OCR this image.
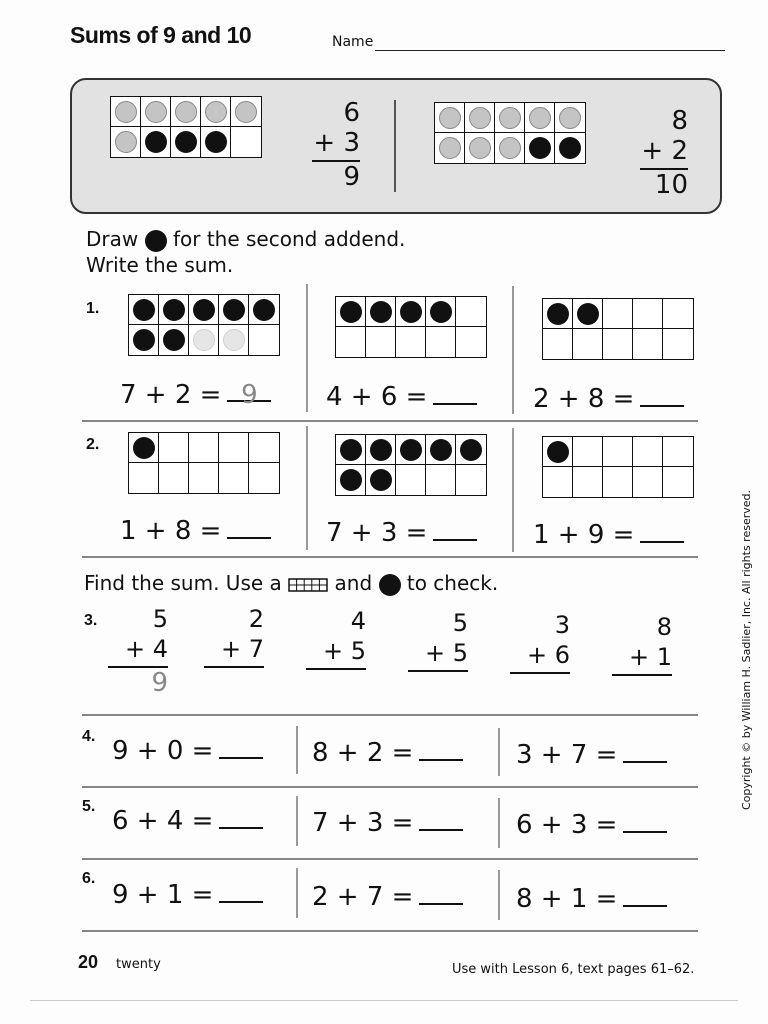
Sums of 9 and 10	Name
6
+ 3
9
8
+ 2
10
Draw for the second addend.
Write the sum.
1.
7 + 2 = 9	4 + 6 =	2 + 8 =
2.
1 + 8 =	7 + 3 =	1 + 9 =
Find the sum. Use a	and to check.
3.	5
+ 4
9
2
+ 7
4
+ 5
5
+ 5
3
+ 6
8
+ 1
4. 9 + 0 =	8 + 2 =	3 + 7 =
5. 6 + 4 =	7 + 3 =	6 + 3 =
6.
9 + 1 =	2 + 7 =	8 + 1 =
20 twenty	Use with Lesson 6, text pages 61–62.
Copyright © by William H. Sadlier, Inc. All rights reserved.
